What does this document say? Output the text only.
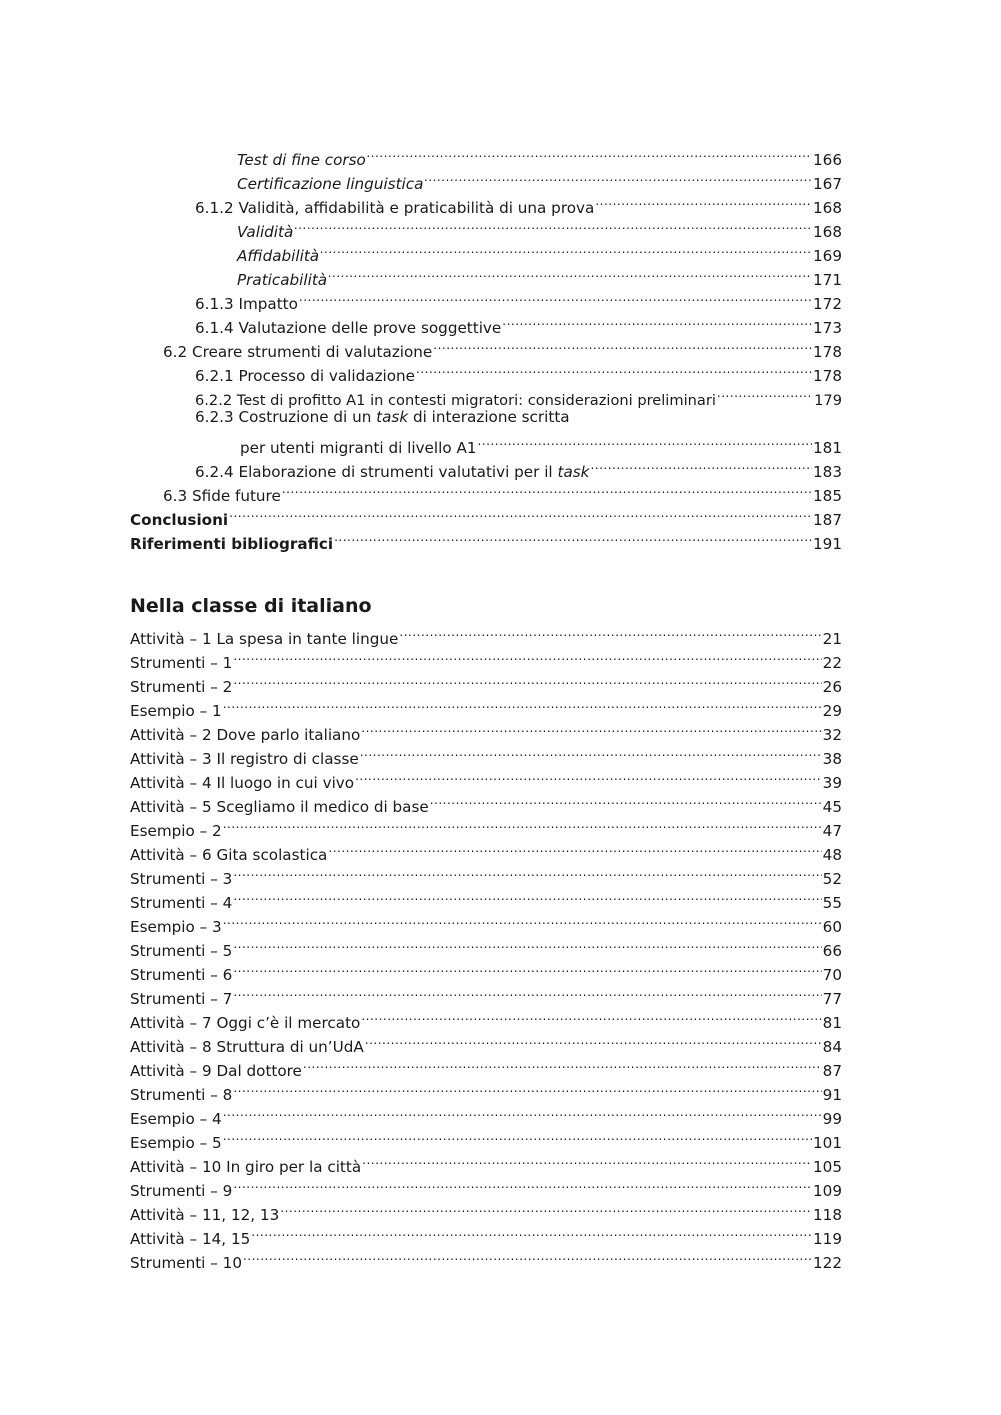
Test di fine corso .....	166
Certificazione linguistica .....	167
6.1.2 Validità, affidabilità e praticabilità di una prova .....	168
Validità .....	168
Affidabilità .....	169
Praticabilità .....	171
6.1.3 Impatto .....	172
6.1.4 Valutazione delle prove soggettive .....	173
6.2 Creare strumenti di valutazione .....	178
6.2.1 Processo di validazione .....	178
6.2.2 Test di profitto A1 in contesti migratori: considerazioni preliminari .....	179
6.2.3 Costruzione di un task di interazione scritta
per utenti migranti di livello A1 .....	181
6.2.4 Elaborazione di strumenti valutativi per il task .....	183
6.3 Sfide future .....	185
Conclusioni .....	187
Riferimenti bibliografici .....	191
Nella classe di italiano
Attività – 1 La spesa in tante lingue .....	21
Strumenti – 1 .....	22
Strumenti – 2 .....	26
Esempio – 1 .....	29
Attività – 2 Dove parlo italiano .....	32
Attività – 3 Il registro di classe .....	38
Attività – 4 Il luogo in cui vivo .....	39
Attività – 5 Scegliamo il medico di base .....	45
Esempio – 2 .....	47
Attività – 6 Gita scolastica .....	48
Strumenti – 3 .....	52
Strumenti – 4 .....	55
Esempio – 3 .....	60
Strumenti – 5 .....	66
Strumenti – 6 .....	70
Strumenti – 7 .....	77
Attività – 7 Oggi c’è il mercato .....	81
Attività – 8 Struttura di un’UdA .....	84
Attività – 9 Dal dottore .....	87
Strumenti – 8 .....	91
Esempio – 4 .....	99
Esempio – 5 .....	101
Attività – 10 In giro per la città .....	105
Strumenti – 9 .....	109
Attività – 11, 12, 13 .....	118
Attività – 14, 15 .....	119
Strumenti – 10 .....	122
